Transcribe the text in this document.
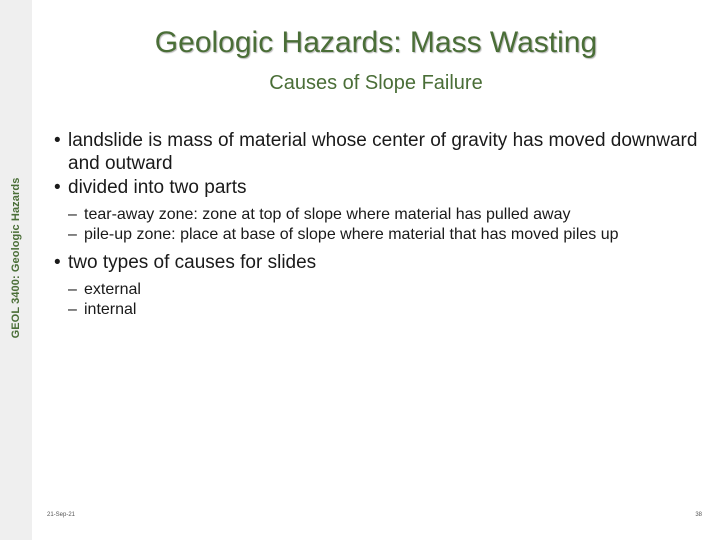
GEOL 3400: Geologic Hazards
Geologic Hazards: Mass Wasting
Causes of Slope Failure
• landslide is mass of material whose center of gravity has moved downward and outward
• divided into two parts
– tear-away zone: zone at top of slope where material has pulled away
– pile-up zone: place at base of slope where material that has moved piles up
• two types of causes for slides
– external
– internal
21-Sep-21	38
